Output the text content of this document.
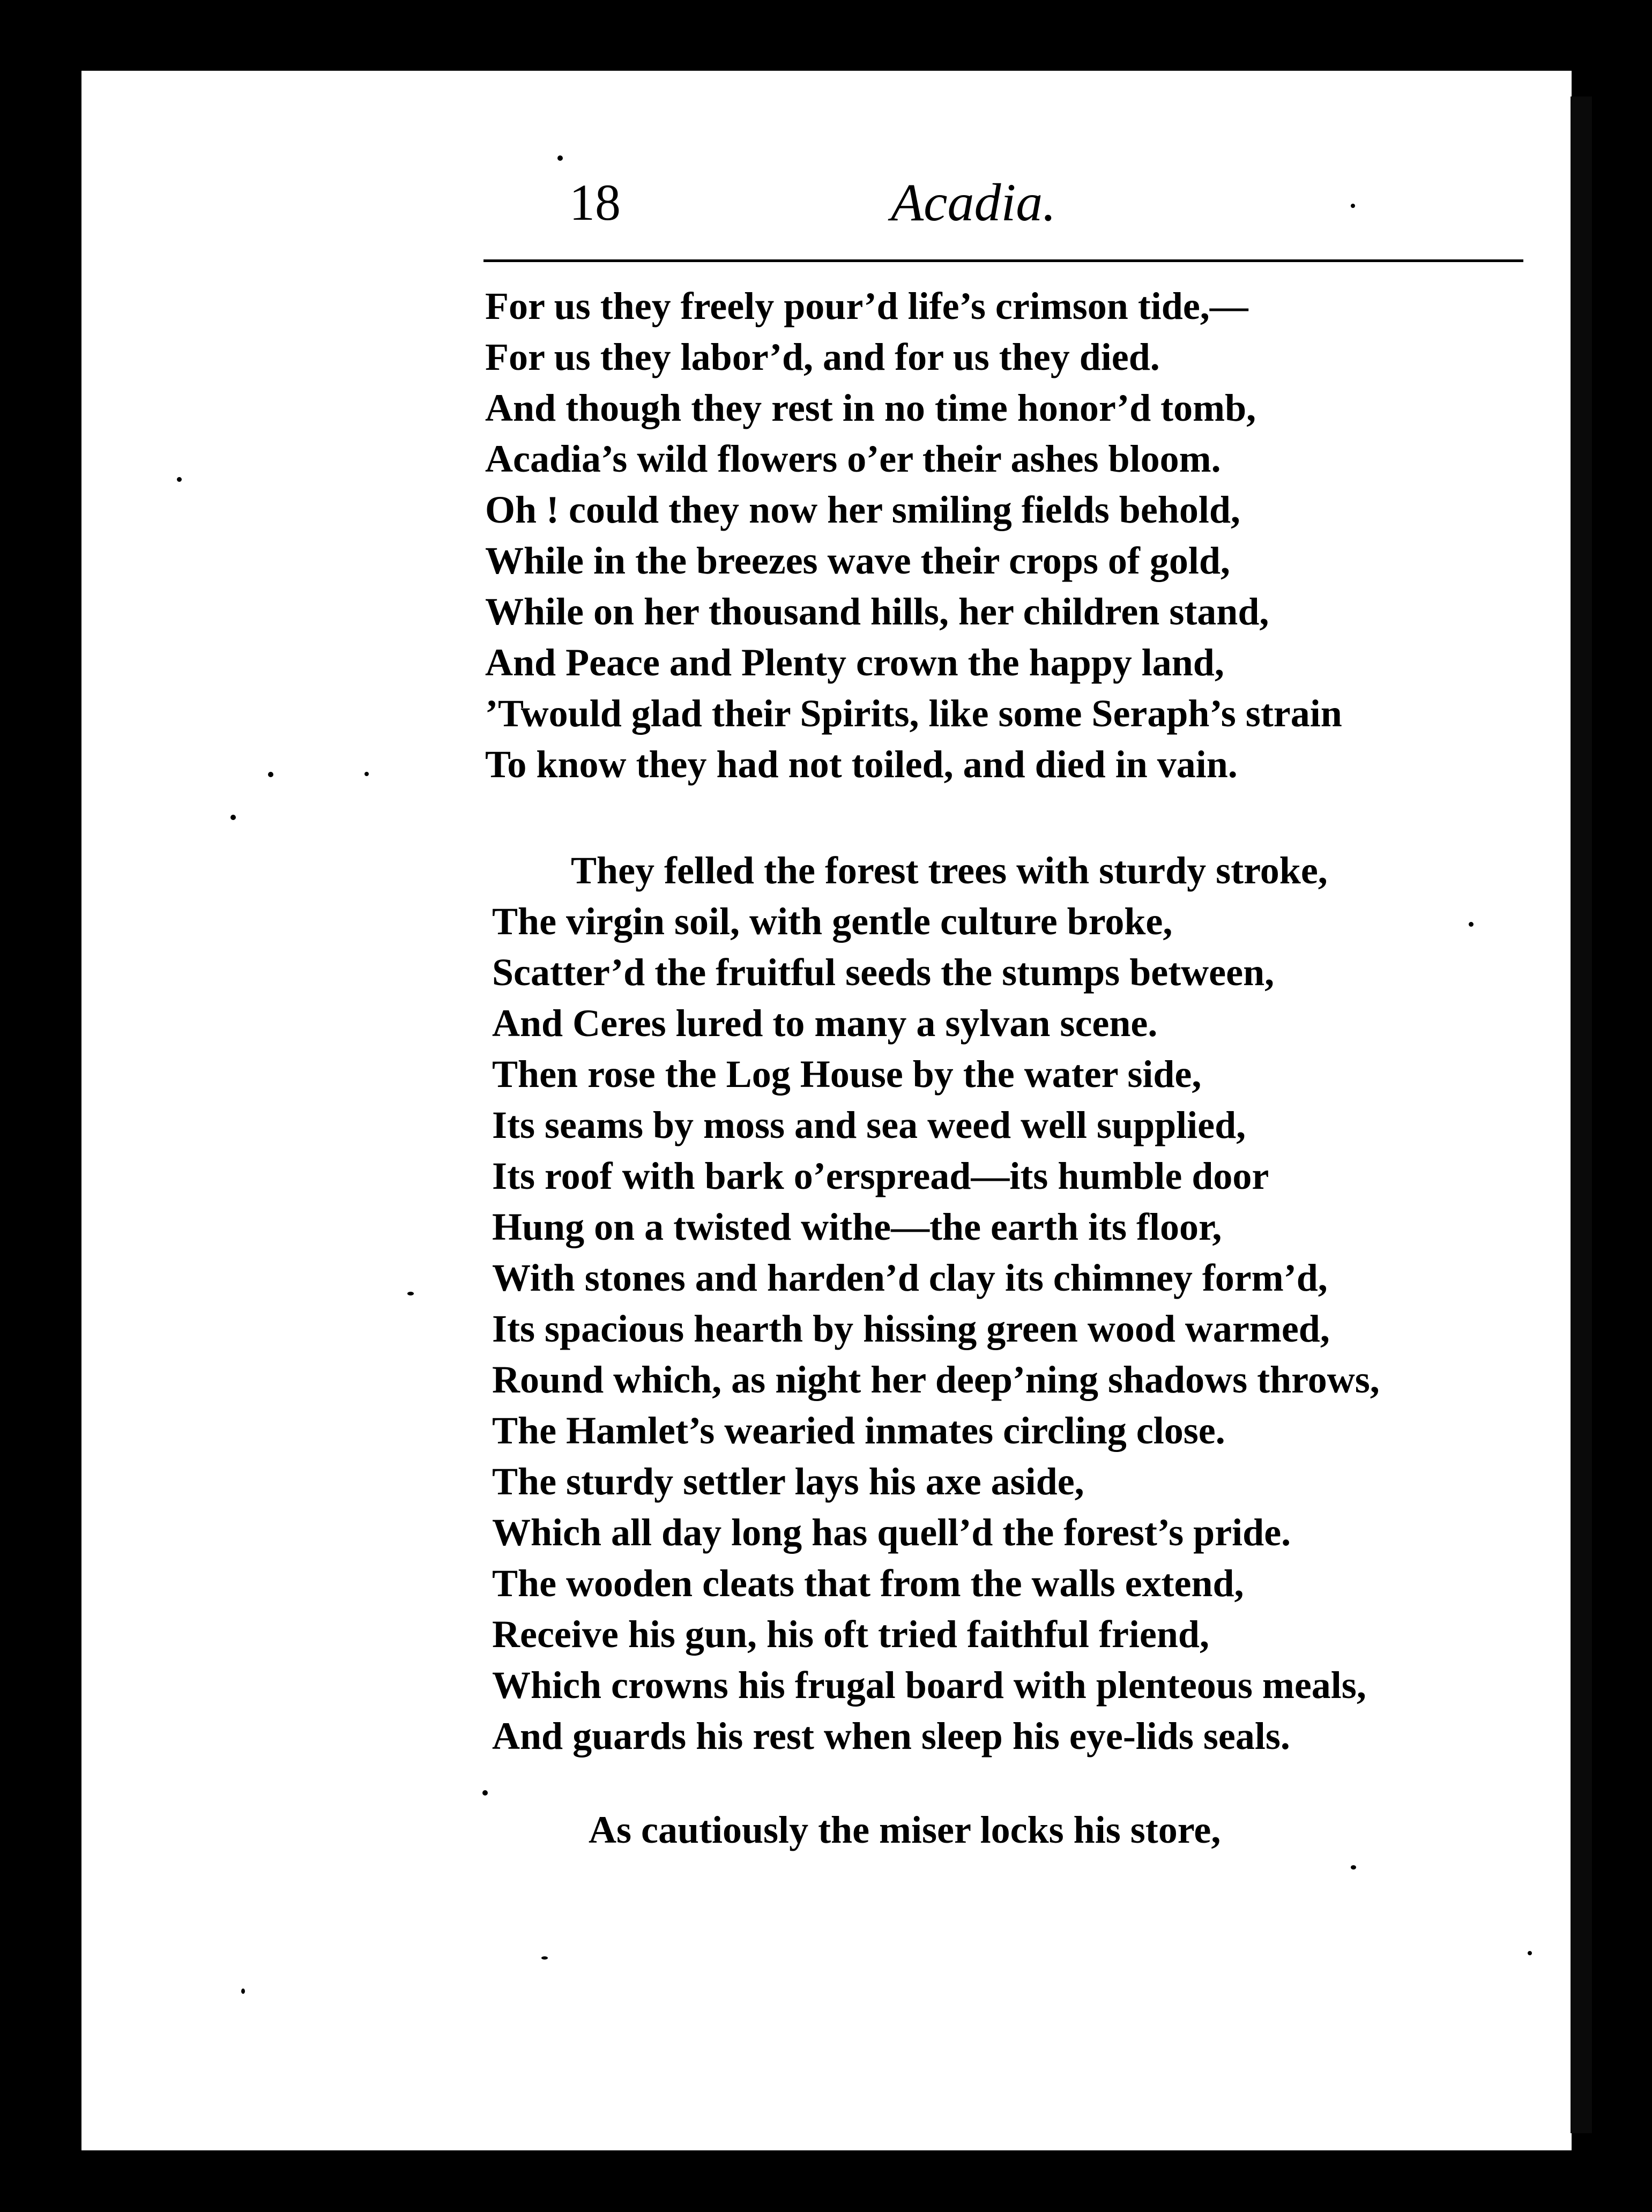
18	Acadia.
For us they freely pour’d life’s crimson tide,—
For us they labor’d, and for us they died.
And though they rest in no time honor’d tomb,
Acadia’s wild flowers o’er their ashes bloom.
Oh ! could they now her smiling fields behold,
While in the breezes wave their crops of gold,
While on her thousand hills, her children stand,
And Peace and Plenty crown the happy land,
’Twould glad their Spirits, like some Seraph’s strain
To know they had not toiled, and died in vain.
They felled the forest trees with sturdy stroke,
The virgin soil, with gentle culture broke,
Scatter’d the fruitful seeds the stumps between,
And Ceres lured to many a sylvan scene.
Then rose the Log House by the water side,
Its seams by moss and sea weed well supplied,
Its roof with bark o’erspread—its humble door
Hung on a twisted withe—the earth its floor,
With stones and harden’d clay its chimney form’d,
Its spacious hearth by hissing green wood warmed,
Round which, as night her deep’ning shadows throws,
The Hamlet’s wearied inmates circling close.
The sturdy settler lays his axe aside,
Which all day long has quell’d the forest’s pride.
The wooden cleats that from the walls extend,
Receive his gun, his oft tried faithful friend,
Which crowns his frugal board with plenteous meals,
And guards his rest when sleep his eye-lids seals.
As cautiously the miser locks his store,
